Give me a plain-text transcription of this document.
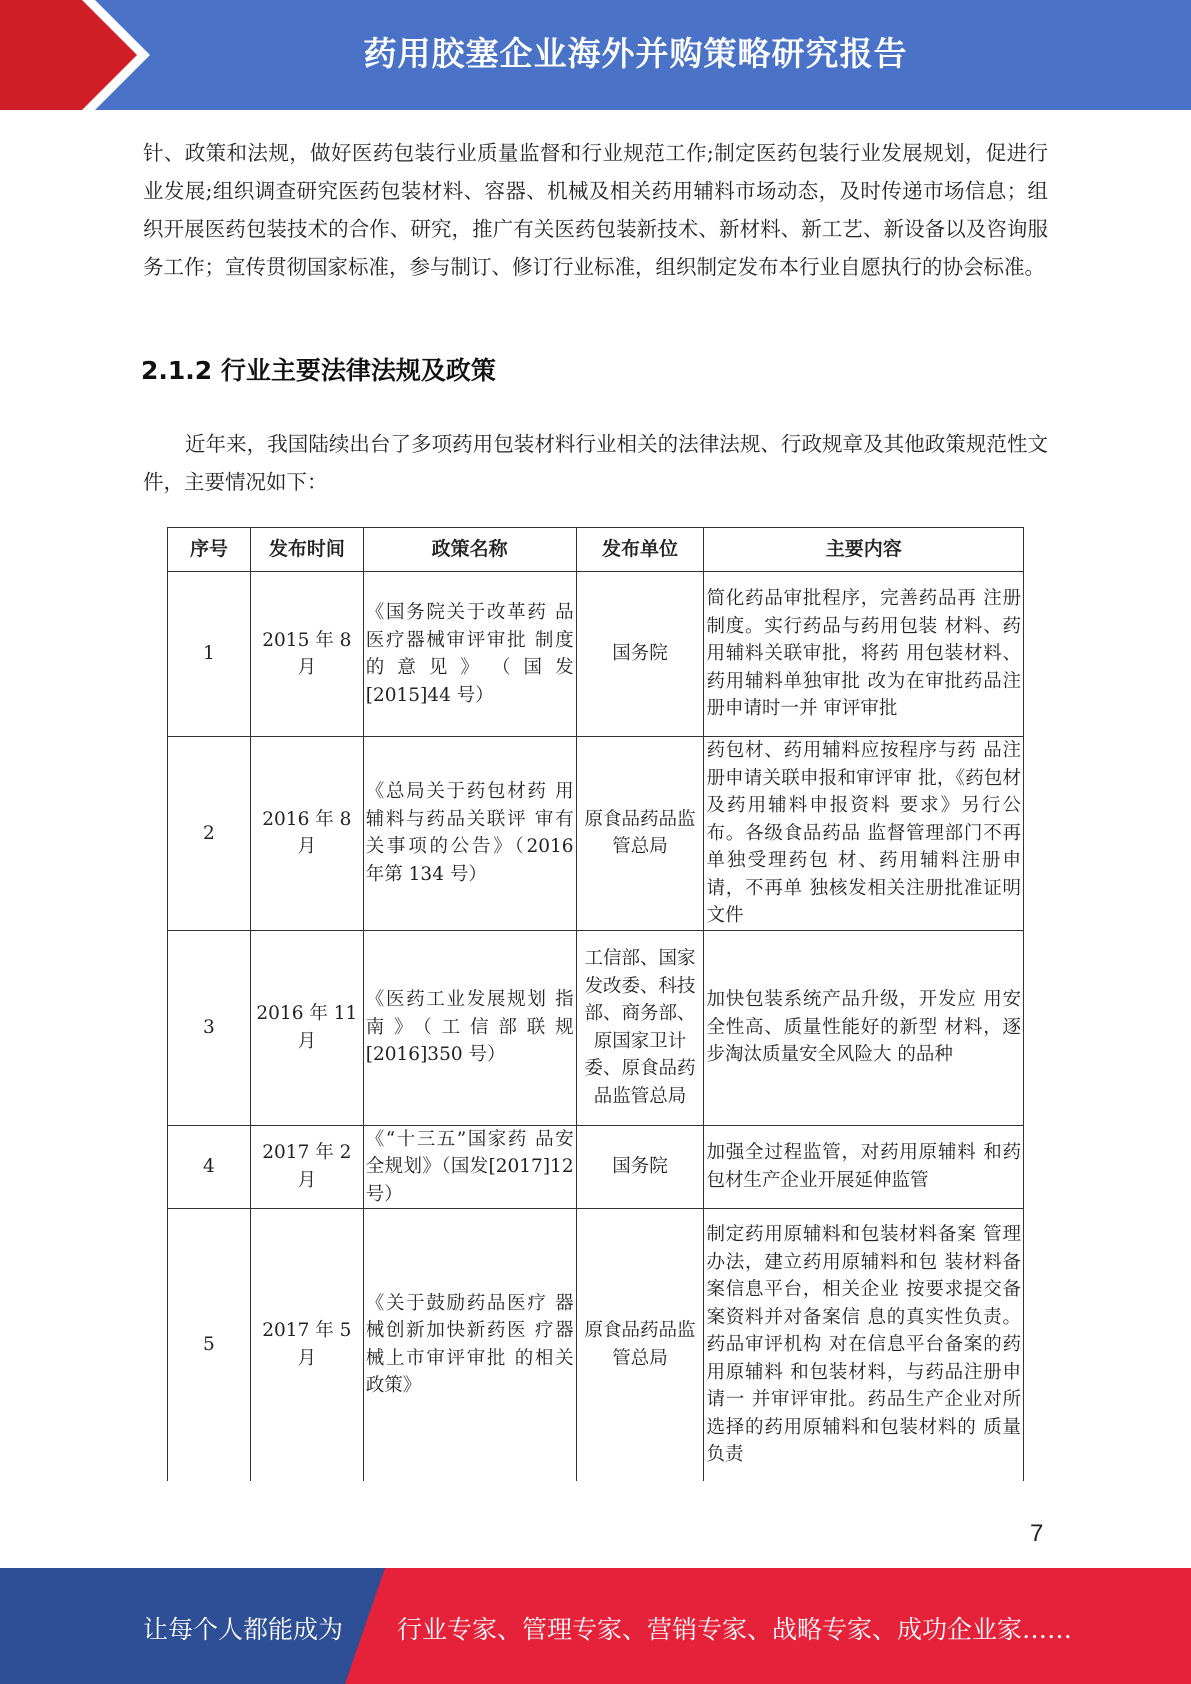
药用胶塞企业海外并购策略研究报告

针、政策和法规，做好医药包装行业质量监督和行业规范工作;制定医药包装行业发展规划，促进行业发展;组织调查研究医药包装材料、容器、机械及相关药用辅料市场动态，及时传递市场信息；组织开展医药包装技术的合作、研究，推广有关医药包装新技术、新材料、新工艺、新设备以及咨询服务工作；宣传贯彻国家标准，参与制订、修订行业标准，组织制定发布本行业自愿执行的协会标准。

2.1.2 行业主要法律法规及政策

近年来，我国陆续出台了多项药用包装材料行业相关的法律法规、行政规章及其他政策规范性文件，主要情况如下：

序号	发布时间	政策名称	发布单位	主要内容
1	2015 年 8 月	《国务院关于改革药 品医疗器械审评审批 制度的 意 见 》 （ 国 发[2015]44 号）	国务院	简化药品审批程序，完善药品再 注册制度。实行药品与药用包装 材料、药用辅料关联审批，将药 用包装材料、药用辅料单独审批 改为在审批药品注册申请时一并 审评审批
2	2016 年 8 月	《总局关于药包材药 用辅料与药品关联评 审有关事项的公告》（2016 年第 134 号）	原食品药品监管总局	药包材、药用辅料应按程序与药 品注册申请关联申报和审评审 批，《药包材及药用辅料申报资料 要求》另行公布。各级食品药品 监督管理部门不再单独受理药包 材、药用辅料注册申请，不再单 独核发相关注册批准证明文件
3	2016 年 11 月	《医药工业发展规划 指南》（工信部联规[2016]350 号）	工信部、国家发改委、科技部、商务部、原国家卫计委、原食品药品监管总局	加快包装系统产品升级，开发应 用安全性高、质量性能好的新型 材料，逐步淘汰质量安全风险大 的品种
4	2017 年 2 月	《“十三五”国家药 品安全规划》（国发[2017]12 号）	国务院	加强全过程监管，对药用原辅料 和药包材生产企业开展延伸监管
5	2017 年 5 月	《关于鼓励药品医疗 器械创新加快新药医 疗器械上市审评审批 的相关政策》	原食品药品监管总局	制定药用原辅料和包装材料备案 管理办法，建立药用原辅料和包 装材料备案信息平台，相关企业 按要求提交备案资料并对备案信 息的真实性负责。药品审评机构 对在信息平台备案的药用原辅料 和包装材料，与药品注册申请一 并审评审批。药品生产企业对所 选择的药用原辅料和包装材料的 质量负责
7
让每个人都能成为 行业专家、管理专家、营销专家、战略专家、成功企业家……
